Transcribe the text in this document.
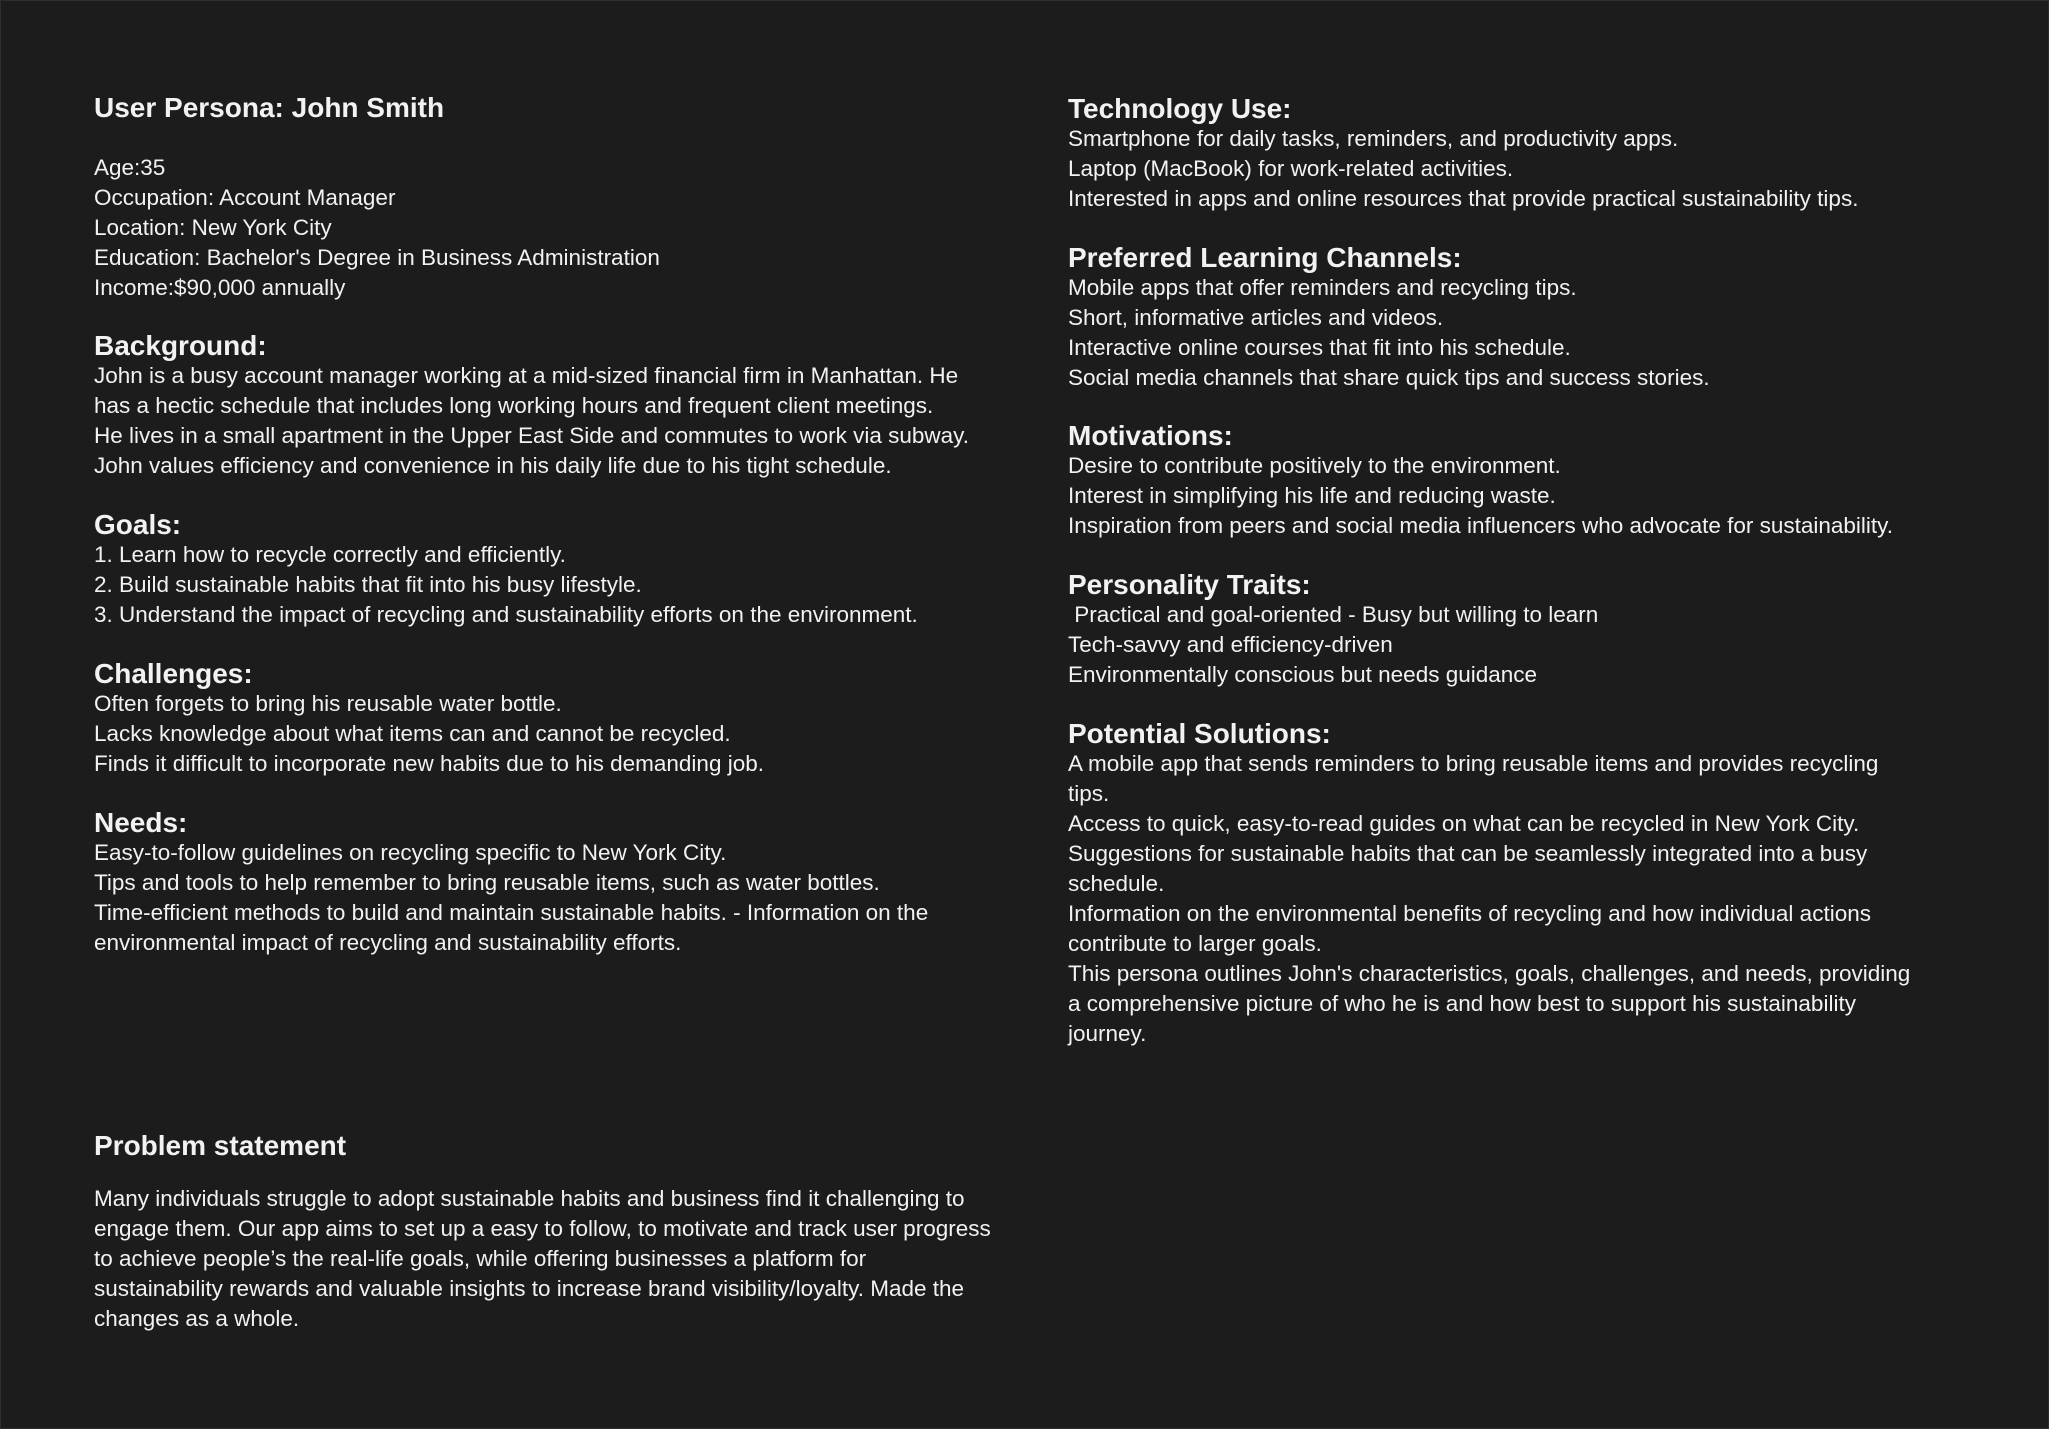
User Persona: John Smith

Age:35

Occupation: Account Manager

Location: New York City

Education: Bachelor's Degree in Business Administration

Income:$90,000 annually

Background:

John is a busy account manager working at a mid-sized financial firm in Manhattan. He

has a hectic schedule that includes long working hours and frequent client meetings.

He lives in a small apartment in the Upper East Side and commutes to work via subway.

John values efficiency and convenience in his daily life due to his tight schedule.

Goals:

1. Learn how to recycle correctly and efficiently.

2. Build sustainable habits that fit into his busy lifestyle.

3. Understand the impact of recycling and sustainability efforts on the environment.

Challenges:

Often forgets to bring his reusable water bottle.

Lacks knowledge about what items can and cannot be recycled.

Finds it difficult to incorporate new habits due to his demanding job.

Needs:

Easy-to-follow guidelines on recycling specific to New York City.

Tips and tools to help remember to bring reusable items, such as water bottles.

Time-efficient methods to build and maintain sustainable habits. - Information on the

environmental impact of recycling and sustainability efforts.

Problem statement

Many individuals struggle to adopt sustainable habits and business find it challenging to

engage them. Our app aims to set up a easy to follow, to motivate and track user progress

to achieve people’s the real-life goals, while offering businesses a platform for

sustainability rewards and valuable insights to increase brand visibility/loyalty. Made the

changes as a whole.

Technology Use:

Smartphone for daily tasks, reminders, and productivity apps.

Laptop (MacBook) for work-related activities.

Interested in apps and online resources that provide practical sustainability tips.

Preferred Learning Channels:

Mobile apps that offer reminders and recycling tips.

Short, informative articles and videos.

Interactive online courses that fit into his schedule.

Social media channels that share quick tips and success stories.

Motivations:

Desire to contribute positively to the environment.

Interest in simplifying his life and reducing waste.

Inspiration from peers and social media influencers who advocate for sustainability.

Personality Traits:

Practical and goal-oriented - Busy but willing to learn

Tech-savvy and efficiency-driven

Environmentally conscious but needs guidance

Potential Solutions:

A mobile app that sends reminders to bring reusable items and provides recycling

tips.

Access to quick, easy-to-read guides on what can be recycled in New York City.

Suggestions for sustainable habits that can be seamlessly integrated into a busy

schedule.

Information on the environmental benefits of recycling and how individual actions

contribute to larger goals.

This persona outlines John's characteristics, goals, challenges, and needs, providing

a comprehensive picture of who he is and how best to support his sustainability

journey.
